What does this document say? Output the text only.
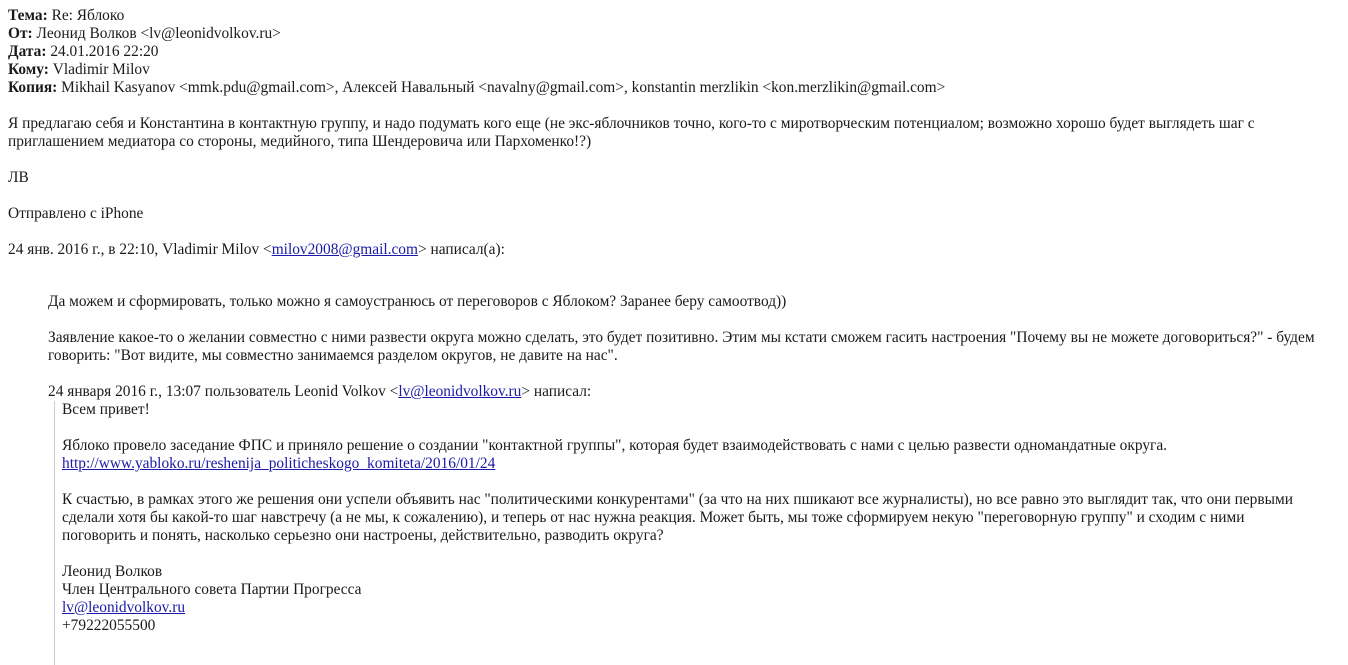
Тема: Re: Яблоко
От: Леонид Волков <lv@leonidvolkov.ru>
Дата: 24.01.2016 22:20
Кому: Vladimir Milov
Копия: Mikhail Kasyanov <mmk.pdu@gmail.com>, Алексей Навальный <navalny@gmail.com>, konstantin merzlikin <kon.merzlikin@gmail.com>

Я предлагаю себя и Константина в контактную группу, и надо подумать кого еще (не экс-яблочников точно, кого-то с миротворческим потенциалом; возможно хорошо будет выглядеть шаг с приглашением медиатора со стороны, медийного, типа Шендеровича или Пархоменко!?)

ЛВ

Отправлено с iPhone

24 янв. 2016 г., в 22:10, Vladimir Milov <milov2008@gmail.com> написал(а):

Да можем и сформировать, только можно я самоустранюсь от переговоров с Яблоком? Заранее беру самоотвод))

Заявление какое-то о желании совместно с ними развести округа можно сделать, это будет позитивно. Этим мы кстати сможем гасить настроения "Почему вы не можете договориться?" - будем говорить: "Вот видите, мы совместно занимаемся разделом округов, не давите на нас".

24 января 2016 г., 13:07 пользователь Leonid Volkov <lv@leonidvolkov.ru> написал:

Всем привет!

Яблоко провело заседание ФПС и приняло решение о создании "контактной группы", которая будет взаимодействовать с нами с целью развести одномандатные округа.

http://www.yabloko.ru/reshenija_politicheskogo_komiteta/2016/01/24

К счастью, в рамках этого же решения они успели объявить нас "политическими конкурентами" (за что на них пшикают все журналисты), но все равно это выглядит так, что они первыми сделали хотя бы какой-то шаг навстречу (а не мы, к сожалению), и теперь от нас нужна реакция. Может быть, мы тоже сформируем некую "переговорную группу" и сходим с ними поговорить и понять, насколько серьезно они настроены, действительно, разводить округа?

Леонид Волков

Член Центрального совета Партии Прогресса

lv@leonidvolkov.ru

+79222055500
